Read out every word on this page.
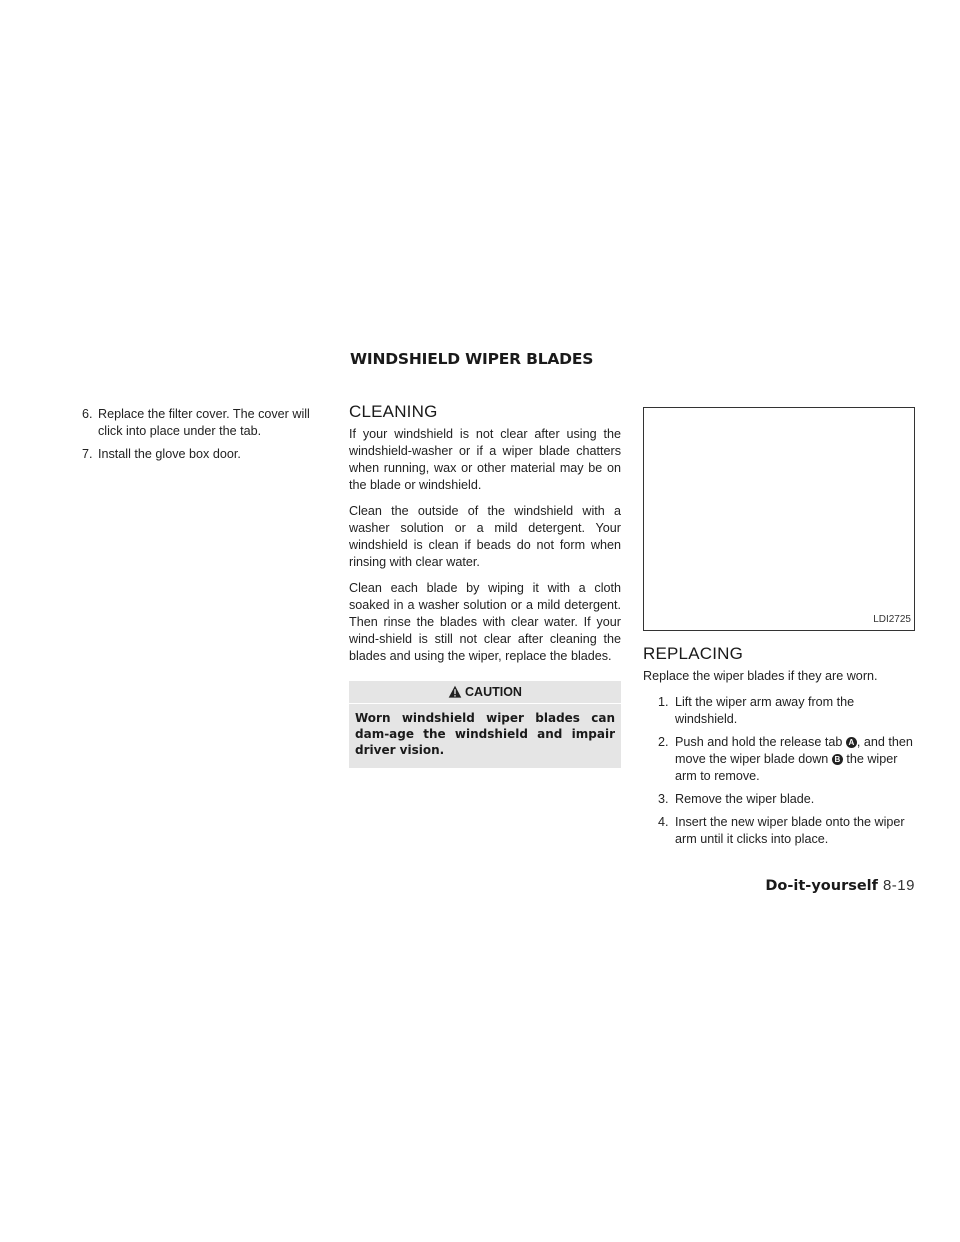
WINDSHIELD WIPER BLADES
6. Replace the filter cover. The cover will click into place under the tab.
7. Install the glove box door.
CLEANING

If your windshield is not clear after using the windshield-washer or if a wiper blade chatters when running, wax or other material may be on the blade or windshield.

Clean the outside of the windshield with a washer solution or a mild detergent. Your windshield is clean if beads do not form when rinsing with clear water.

Clean each blade by wiping it with a cloth soaked in a washer solution or a mild detergent. Then rinse the blades with clear water. If your wind-shield is still not clear after cleaning the blades and using the wiper, replace the blades.

CAUTION
Worn windshield wiper blades can dam-age the windshield and impair driver vision.
LDI2725
REPLACING

Replace the wiper blades if they are worn.

1. Lift the wiper arm away from the windshield.
2. Push and hold the release tab A , and then move the wiper blade down B the wiper arm to remove.
3. Remove the wiper blade.
4. Insert the new wiper blade onto the wiper arm until it clicks into place.
Do-it-yourself 8-19
